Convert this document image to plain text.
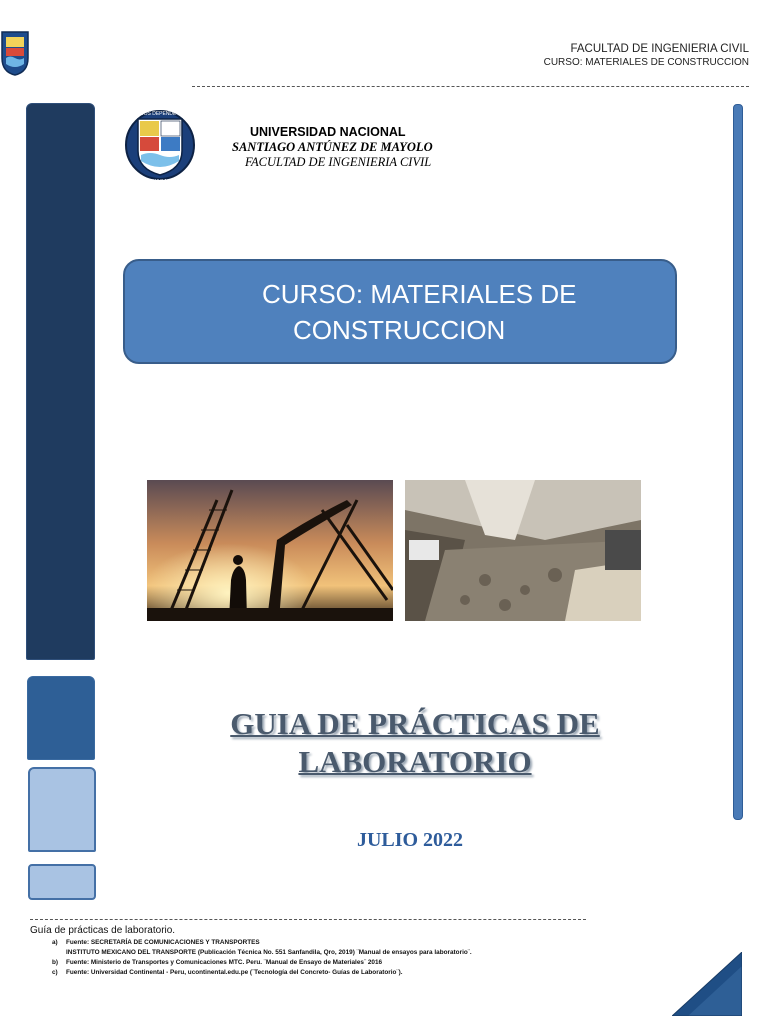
FACULTAD DE INGENIERIA CIVIL
CURSO: MATERIALES DE CONSTRUCCION
HIJOS DEPENDE EL
UNASAM
UNIVERSIDAD NACIONAL
SANTIAGO ANTÚNEZ DE MAYOLO
FACULTAD DE INGENIERIA CIVIL
CURSO: MATERIALES DE
CONSTRUCCION
GUIA DE PRÁCTICAS DE
LABORATORIO
JULIO 2022
Guía de prácticas de laboratorio.
a) Fuente: SECRETARÍA DE COMUNICACIONES Y TRANSPORTES
INSTITUTO MEXICANO DEL TRANSPORTE (Publicación Técnica No. 551 Sanfandila, Qro, 2019) ¨Manual de ensayos para laboratorio¨.
b) Fuente: Ministerio de Transportes y Comunicaciones MTC. Peru. ¨Manual de Ensayo de Materiales¨ 2016
c) Fuente: Universidad Continental - Peru, ucontinental.edu.pe (¨Tecnología del Concreto- Guías de Laboratorio¨).
